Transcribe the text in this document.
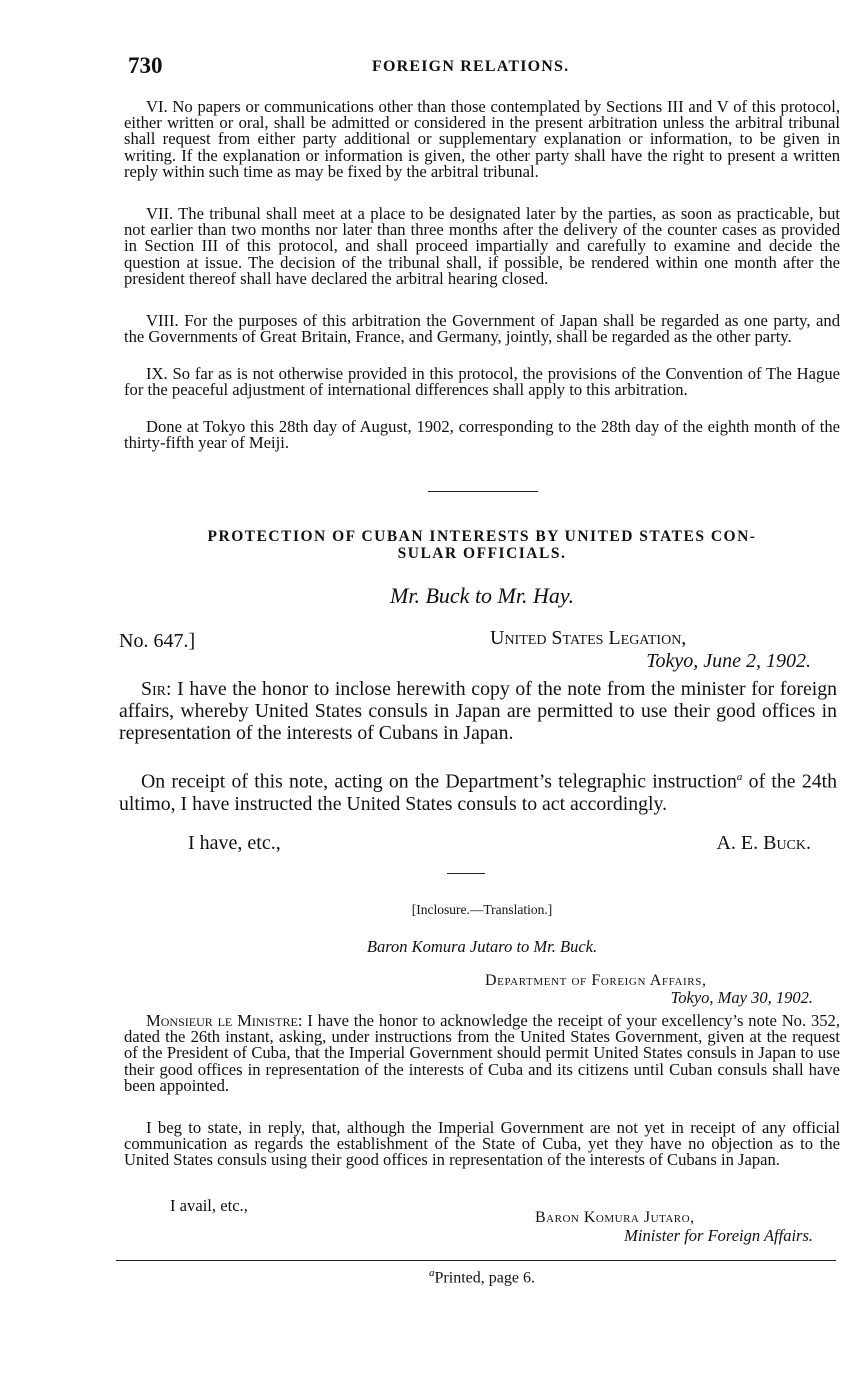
730	FOREIGN RELATIONS.
VI. No papers or communications other than those contemplated by Sections III and V of this protocol, either written or oral, shall be admitted or considered in the present arbitration unless the arbitral tribunal shall request from either party additional or supplementary explanation or information, to be given in writing. If the explanation or information is given, the other party shall have the right to present a written reply within such time as may be fixed by the arbitral tribunal.
VII. The tribunal shall meet at a place to be designated later by the parties, as soon as practicable, but not earlier than two months nor later than three months after the delivery of the counter cases as provided in Section III of this protocol, and shall proceed impartially and carefully to examine and decide the question at issue. The decision of the tribunal shall, if possible, be rendered within one month after the president thereof shall have declared the arbitral hearing closed.
VIII. For the purposes of this arbitration the Government of Japan shall be regarded as one party, and the Governments of Great Britain, France, and Germany, jointly, shall be regarded as the other party.
IX. So far as is not otherwise provided in this protocol, the provisions of the Convention of The Hague for the peaceful adjustment of international differences shall apply to this arbitration.
Done at Tokyo this 28th day of August, 1902, corresponding to the 28th day of the eighth month of the thirty-fifth year of Meiji.
PROTECTION OF CUBAN INTERESTS BY UNITED STATES CON-
SULAR OFFICIALS.
Mr. Buck to Mr. Hay.
No. 647.]	United States Legation,
Tokyo, June 2, 1902.
Sir: I have the honor to inclose herewith copy of the note from the minister for foreign affairs, whereby United States consuls in Japan are permitted to use their good offices in representation of the interests of Cubans in Japan.
On receipt of this note, acting on the Department’s telegraphic instruction$^a$ of the 24th ultimo, I have instructed the United States consuls to act accordingly.
I have, etc.,	A. E. Buck.
[Inclosure.—Translation.]
Baron Komura Jutaro to Mr. Buck.
Department of Foreign Affairs,
Tokyo, May 30, 1902.
Monsieur le Ministre: I have the honor to acknowledge the receipt of your excellency’s note No. 352, dated the 26th instant, asking, under instructions from the United States Government, given at the request of the President of Cuba, that the Imperial Government should permit United States consuls in Japan to use their good offices in representation of the interests of Cuba and its citizens until Cuban consuls shall have been appointed.
I beg to state, in reply, that, although the Imperial Government are not yet in receipt of any official communication as regards the establishment of the State of Cuba, yet they have no objection as to the United States consuls using their good offices in representation of the interests of Cubans in Japan.
I avail, etc.,
Baron Komura Jutaro,
Minister for Foreign Affairs.
$^a$Printed, page 6.
